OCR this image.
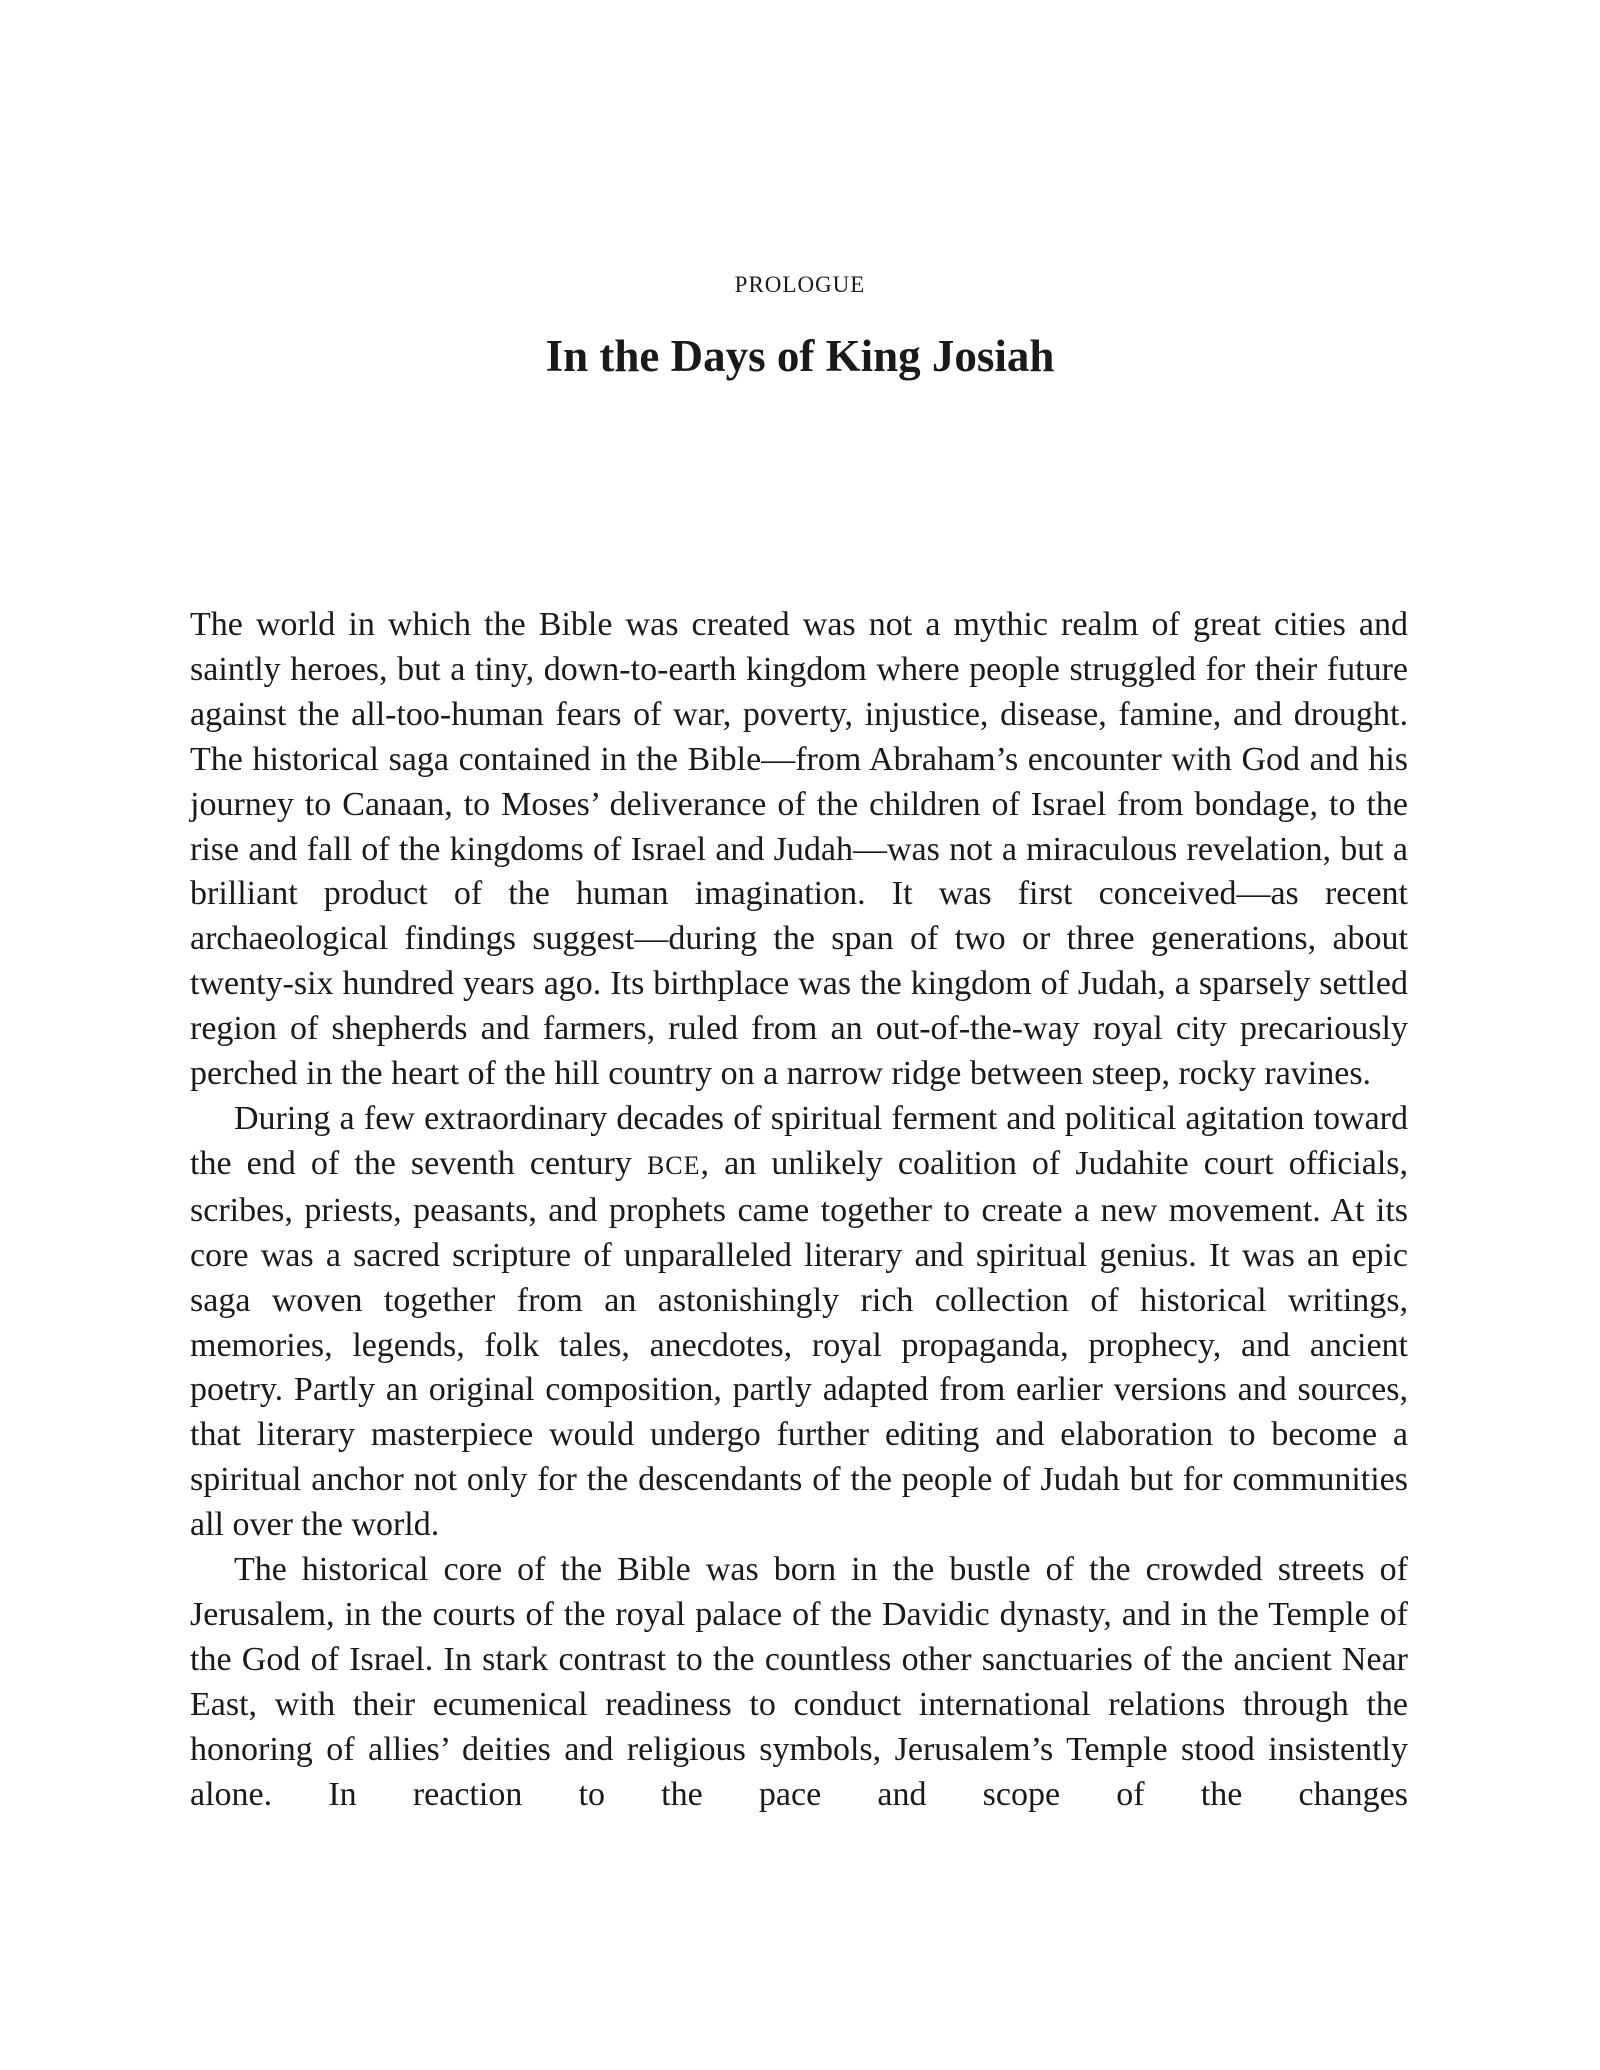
PROLOGUE

In the Days of King Josiah

The world in which the Bible was created was not a mythic realm of great cities and saintly heroes, but a tiny, down-to-earth kingdom where people struggled for their future against the all-too-human fears of war, poverty, injustice, disease, famine, and drought. The historical saga contained in the Bible—from Abraham’s encounter with God and his journey to Canaan, to Moses’ deliverance of the children of Israel from bondage, to the rise and fall of the kingdoms of Israel and Judah—was not a miraculous revelation, but a brilliant product of the human imagination. It was first conceived—as recent archaeological findings suggest—during the span of two or three generations, about twenty-six hundred years ago. Its birthplace was the kingdom of Judah, a sparsely settled region of shepherds and farmers, ruled from an out-of-the-way royal city precariously perched in the heart of the hill country on a narrow ridge between steep, rocky ravines.

During a few extraordinary decades of spiritual ferment and political agitation toward the end of the seventh century BCE, an unlikely coalition of Judahite court officials, scribes, priests, peasants, and prophets came together to create a new movement. At its core was a sacred scripture of unparalleled literary and spiritual genius. It was an epic saga woven together from an astonishingly rich collection of historical writings, memories, legends, folk tales, anecdotes, royal propaganda, prophecy, and ancient poetry. Partly an original composition, partly adapted from earlier versions and sources, that literary masterpiece would undergo further editing and elaboration to become a spiritual anchor not only for the descendants of the people of Judah but for communities all over the world.

The historical core of the Bible was born in the bustle of the crowded streets of Jerusalem, in the courts of the royal palace of the Davidic dynasty, and in the Temple of the God of Israel. In stark contrast to the countless other sanctuaries of the ancient Near East, with their ecumenical readiness to conduct international relations through the honoring of allies’ deities and religious symbols, Jerusalem’s Temple stood insistently alone. In reaction to the pace and scope of the changes
